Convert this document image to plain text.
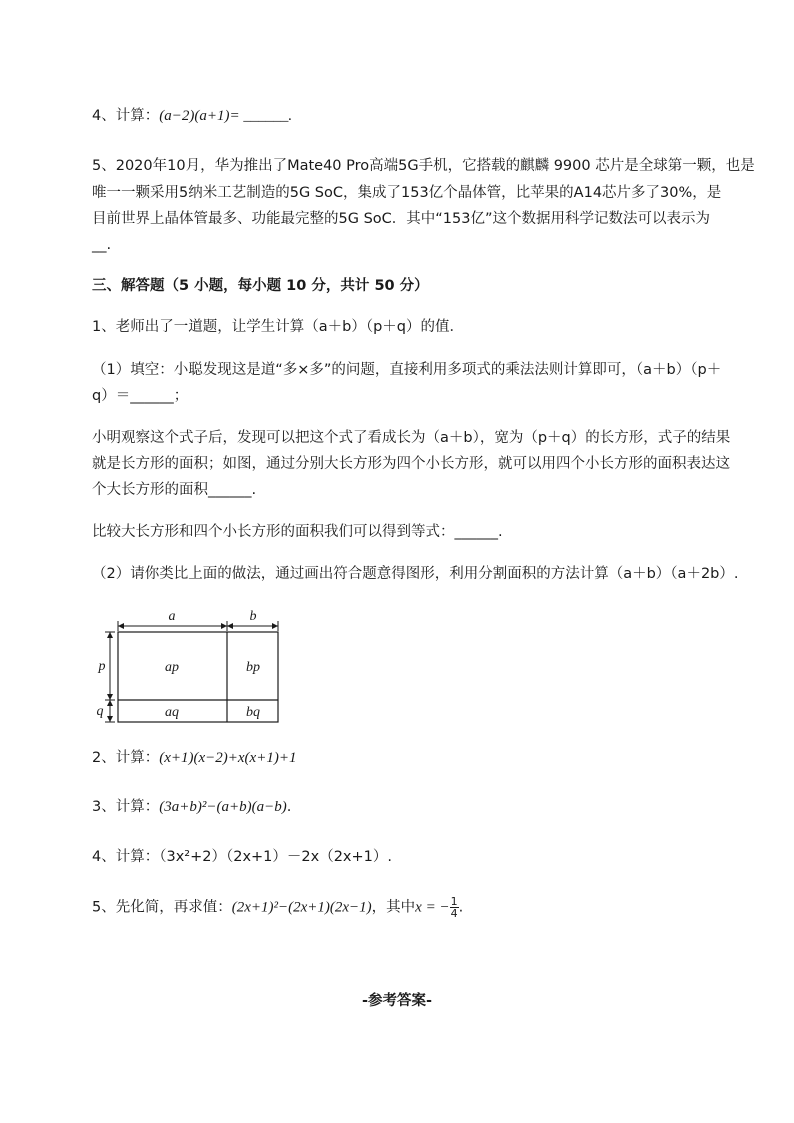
4、计算：(a−2)(a+1)= ______.
5、2020年10月，华为推出了Mate40 Pro高端5G手机，它搭载的麒麟 9900 芯片是全球第一颗，也是
唯一一颗采用5纳米工艺制造的5G SoC，集成了153亿个晶体管，比苹果的A14芯片多了30%，是
目前世界上晶体管最多、功能最完整的5G SoC．其中“153亿”这个数据用科学记数法可以表示为
__.
三、解答题（5 小题，每小题 10 分，共计 50 分）
1、老师出了一道题，让学生计算（a＋b）（p＋q）的值．
（1）填空：小聪发现这是道“多×多”的问题，直接利用多项式的乘法法则计算即可，（a＋b）（p＋
q）＝______；
小明观察这个式子后，发现可以把这个式了看成长为（a＋b），宽为（p＋q）的长方形，式子的结果
就是长方形的面积；如图，通过分别大长方形为四个小长方形，就可以用四个小长方形的面积表达这
个大长方形的面积______.
比较大长方形和四个小长方形的面积我们可以得到等式：______.
（2）请你类比上面的做法，通过画出符合题意得图形，利用分割面积的方法计算（a＋b）（a＋2b）.
a	b
p
q
ap	bp
aq	bq
2、计算：(x+1)(x−2)+x(x+1)+1
3、计算：(3a+b)²−(a+b)(a−b).
4、计算：（3x²+2）（2x+1）－2x（2x+1）.
5、先化简，再求值：(2x+1)²−(2x+1)(2x−1)，其中x = − $\frac{1}{4}$ .
-参考答案-
